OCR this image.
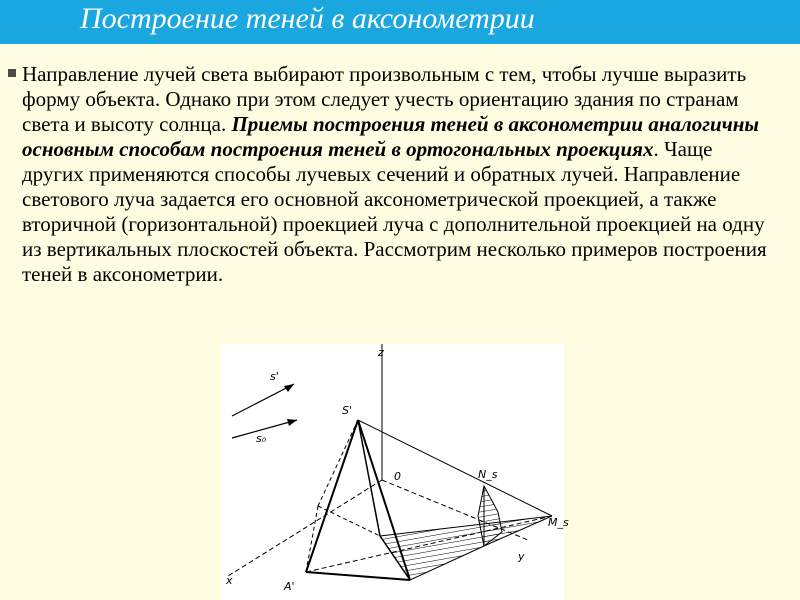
Построение теней в аксонометрии
Направление лучей света выбирают произвольным с тем, чтобы лучше выразить форму объекта. Однако при этом следует учесть ориентацию здания по странам света и высоту солнца. Приемы построения теней в аксонометрии аналогичны основным способам построения теней в ортогональных проекциях. Чаще других применяются способы лучевых сечений и обратных лучей. Направление светового луча задается его основной аксонометрической проекцией, а также вторичной (горизонтальной) проекцией луча с дополнительной проекцией на одну из вертикальных плоскостей объекта. Рассмотрим несколько примеров построения теней в аксонометрии.
s'
s₀
S'
z
0
x
y
N_s
M_s
A'
